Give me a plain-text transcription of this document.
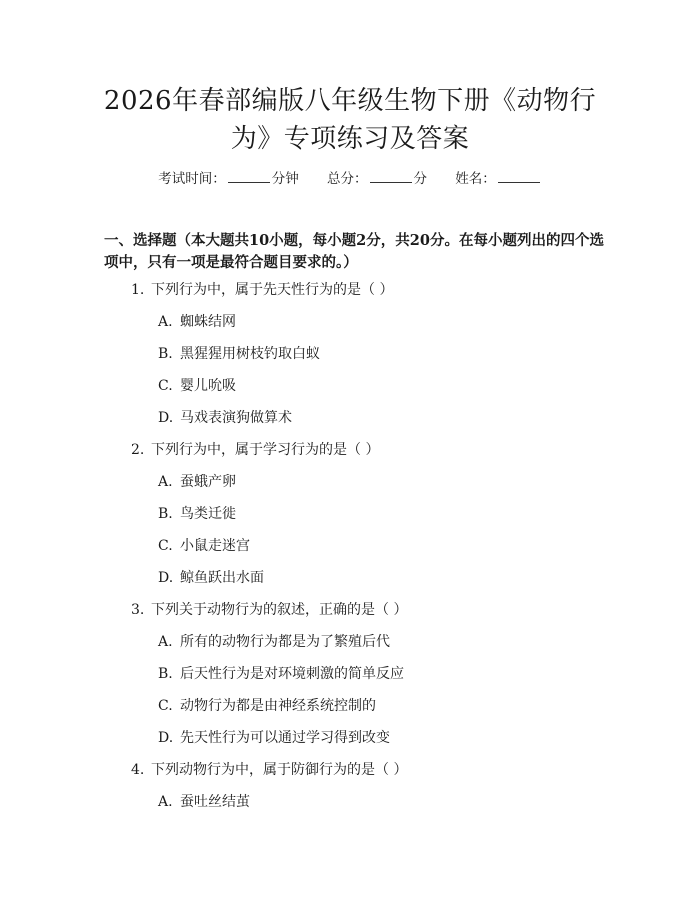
2026年春部编版八年级生物下册《动物行
为》专项练习及答案
考试时间：	分钟 总分：	分 姓名：
一、选择题（本大题共10小题，每小题2分，共20分。在每小题列出的四个选
项中，只有一项是最符合题目要求的。）
1. 下列行为中，属于先天性行为的是（ ）
A. 蜘蛛结网
B. 黑猩猩用树枝钓取白蚁
C. 婴儿吮吸
D. 马戏表演狗做算术
2. 下列行为中，属于学习行为的是（ ）
A. 蚕蛾产卵
B. 鸟类迁徙
C. 小鼠走迷宫
D. 鲸鱼跃出水面
3. 下列关于动物行为的叙述，正确的是（ ）
A. 所有的动物行为都是为了繁殖后代
B. 后天性行为是对环境刺激的简单反应
C. 动物行为都是由神经系统控制的
D. 先天性行为可以通过学习得到改变
4. 下列动物行为中，属于防御行为的是（ ）
A. 蚕吐丝结茧
